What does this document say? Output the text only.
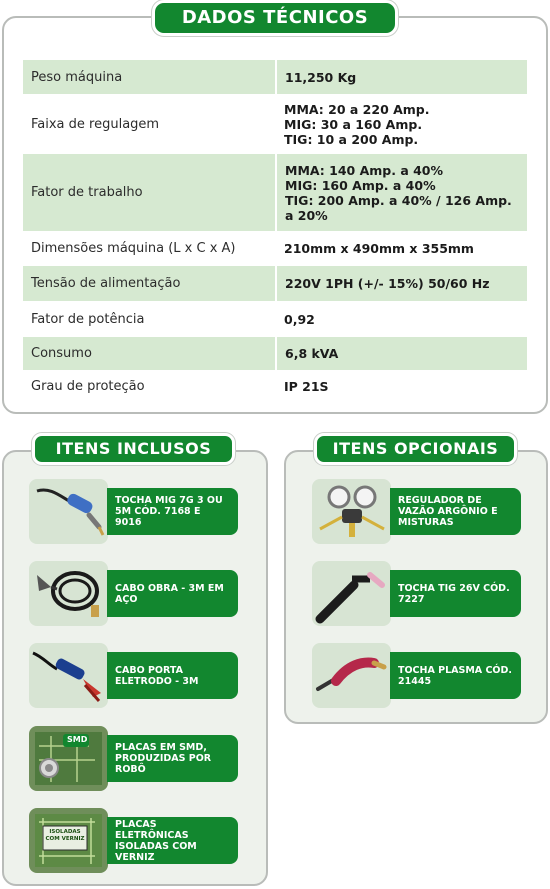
DADOS TÉCNICOS
Peso máquina	11,250 Kg
Faixa de regulagem	MMA: 20 a 220 Amp.
MIG: 30 a 160 Amp.
TIG: 10 a 200 Amp.
Fator de trabalho	MMA: 140 Amp. a 40%
MIG: 160 Amp. a 40%
TIG: 200 Amp. a 40% / 126 Amp. a 20%
Dimensões máquina (L x C x A)	210mm x 490mm x 355mm
Tensão de alimentação	220V 1PH (+/- 15%) 50/60 Hz
Fator de potência	0,92
Consumo	6,8 kVA
Grau de proteção	IP 21S
ITENS INCLUSOS
TOCHA MIG 7G 3 OU 5M CÓD. 7168 E 9016
CABO OBRA - 3M EM AÇO
CABO PORTA ELETRODO - 3M
SMD
PLACAS EM SMD, PRODUZIDAS POR ROBÔ
ISOLADAS COM VERNIZ
PLACAS ELETRÔNICAS ISOLADAS COM VERNIZ
ITENS OPCIONAIS
REGULADOR DE VAZÃO ARGÔNIO E MISTURAS
TOCHA TIG 26V CÓD. 7227
TOCHA PLASMA CÓD. 21445
